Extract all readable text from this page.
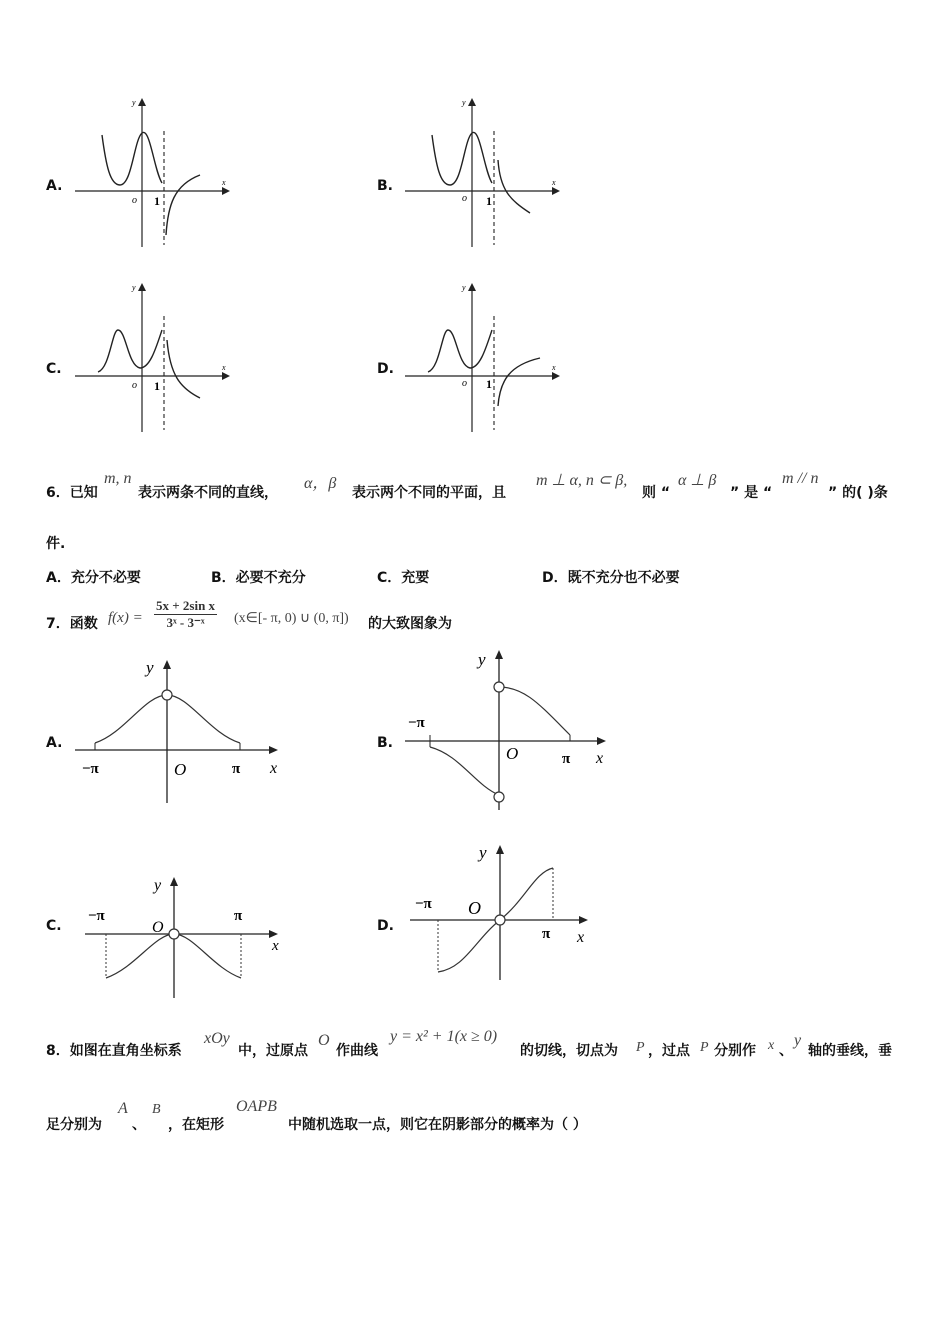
A.
y
x
o 1
B.
y
x
o 1
C.
y
x
o 1
D.
y
x
o 1
6．已知
m, n
表示两条不同的直线，
α，β
表示两个不同的平面，且
m ⊥ α, n ⊂ β,
则 “
α ⊥ β
” 是 “
m // n
” 的( )条
件.
A．充分不必要	B．必要不充分	C．充要	D．既不充分也不必要
7．函数 $f(x) = \frac{\text{5x + 2sin x}}{\text{3ˣ - 3⁻ˣ}}$ (x∈[- π, 0) ∪ (0, π]) 的大致图象为
A.
y
x
O
−π	π
B.
y
x
O
−π
π
C.
y
x
O
−π	π
D.
y
x
O
−π
π
8．如图在直角坐标系
xOy
中，过原点
O
作曲线
y = x² + 1(x ≥ 0)
的切线，切点为 P ，过点 P 分别作 x 、
y
轴的垂线，垂
足分别为
A
、
B
，在矩形
OAPB
中随机选取一点，则它在阴影部分的概率为（ ）
